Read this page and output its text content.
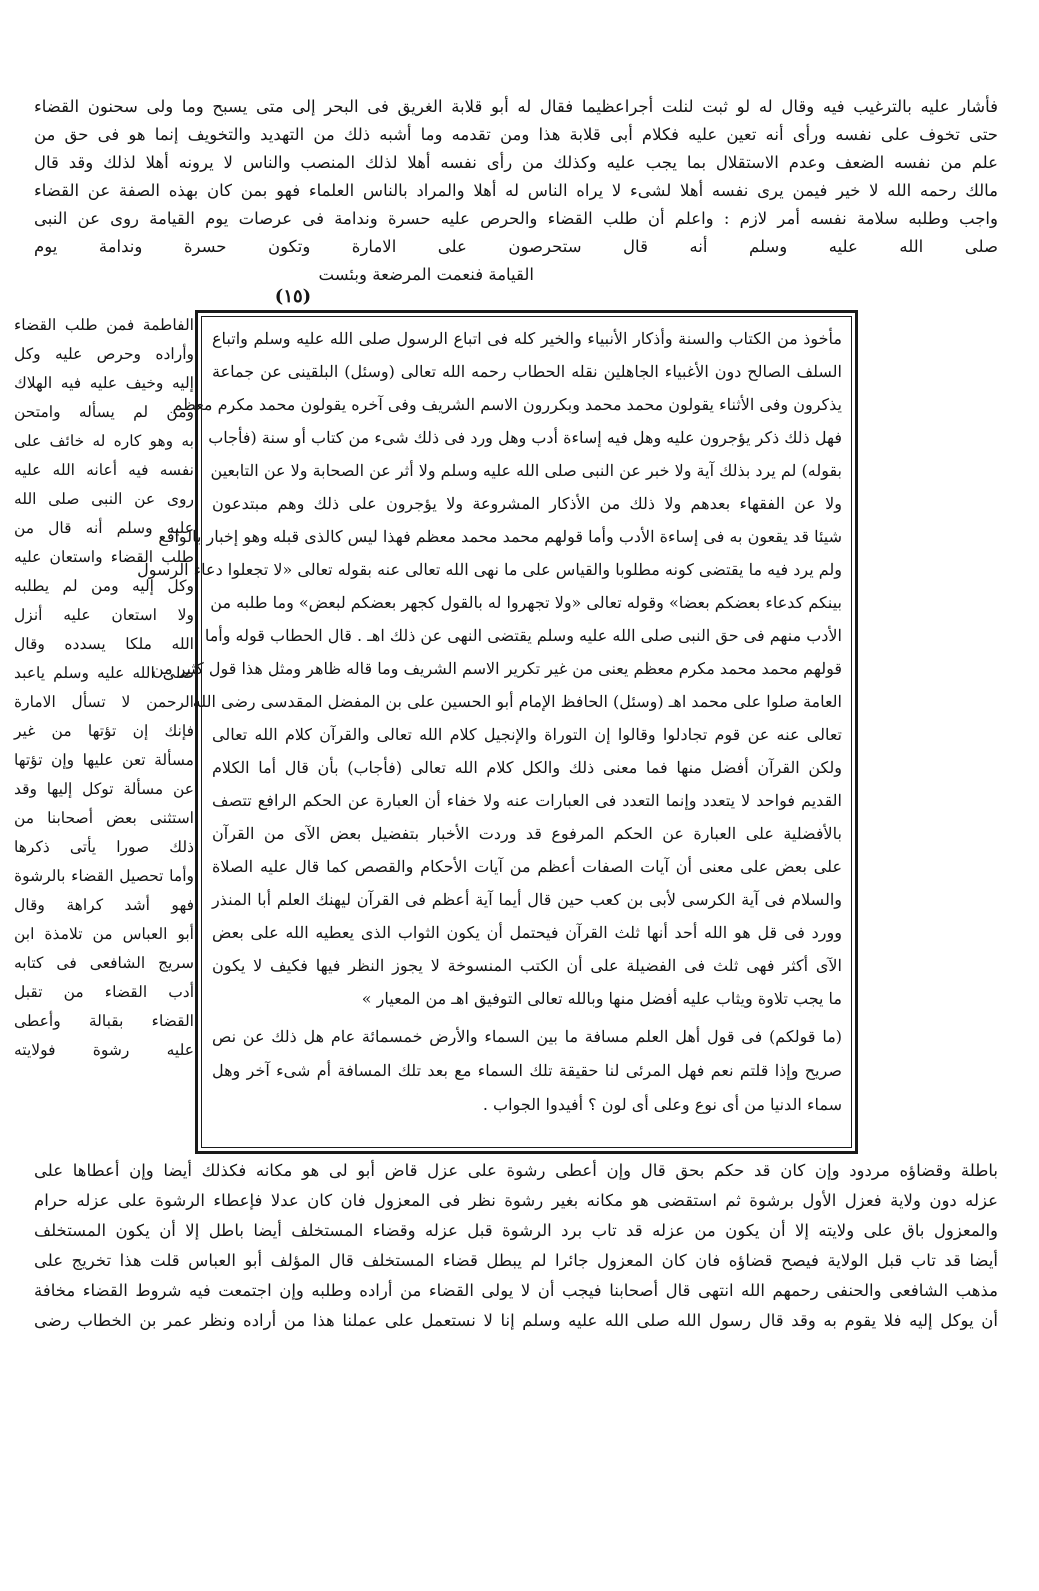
فأشار عليه بالترغيب فيه وقال له لو ثبت لنلت أجراعظيما فقال له أبو قلابة الغريق فى البحر إلى متى يسبح وما ولى سحنون القضاء
حتى تخوف على نفسه ورأى أنه تعين عليه فكلام أبى قلابة هذا ومن تقدمه وما أشبه ذلك من التهديد والتخويف إنما هو فى حق من
علم من نفسه الضعف وعدم الاستقلال بما يجب عليه وكذلك من رأى نفسه أهلا لذلك المنصب والناس لا يرونه أهلا لذلك وقد قال
مالك رحمه الله لا خير فيمن يرى نفسه أهلا لشىء لا يراه الناس له أهلا والمراد بالناس العلماء فهو بمن كان بهذه الصفة عن القضاء
واجب وطلبه سلامة نفسه أمر لازم : واعلم أن طلب القضاء والحرص عليه حسرة وندامة فى عرصات يوم القيامة روى عن النبى
صلى الله عليه وسلم أنه قال ستحرصون على الامارة وتكون حسرة وندامة يوم
القيامة فنعمت المرضعة وبئست
(١٥)
الفاطمة فمن طلب القضاء
وأراده وحرص عليه وكل
إليه وخيف عليه فيه الهلاك
ومن لم يسأله وامتحن
به وهو كاره له خائف على
نفسه فيه أعانه الله عليه
روى عن النبى صلى الله
عليه وسلم أنه قال من
طلب القضاء واستعان عليه
وكل إليه ومن لم يطلبه
ولا استعان عليه أنزل
الله ملكا يسدده وقال
صلى الله عليه وسلم ياعبد
الرحمن لا تسأل الامارة
فإنك إن تؤتها من غير
مسألة تعن عليها وإن تؤتها
عن مسألة توكل إليها وقد
استثنى بعض أصحابنا من
ذلك صورا يأتى ذكرها
وأما تحصيل القضاء بالرشوة
فهو أشد كراهة وقال
أبو العباس من تلامذة ابن
سريج الشافعى فى كتابه
أدب القضاء من تقبل
القضاء بقبالة وأعطى
عليه رشوة فولايته
مأخوذ من الكتاب والسنة وأذكار الأنبياء والخير كله فى اتباع الرسول صلى الله عليه وسلم واتباع
السلف الصالح دون الأغبياء الجاهلين نقله الحطاب رحمه الله تعالى (وسئل) البلقينى عن جماعة
يذكرون وفى الأثناء يقولون محمد محمد وبكررون الاسم الشريف وفى آخره يقولون محمد مكرم معظم
فهل ذلك ذكر يؤجرون عليه وهل فيه إساءة أدب وهل ورد فى ذلك شىء من كتاب أو سنة (فأجاب
بقوله) لم يرد بذلك آية ولا خبر عن النبى صلى الله عليه وسلم ولا أثر عن الصحابة ولا عن التابعين
ولا عن الفقهاء بعدهم ولا ذلك من الأذكار المشروعة ولا يؤجرون على ذلك وهم مبتدعون
شيئا قد يقعون به فى إساءة الأدب وأما قولهم محمد محمد معظم فهذا ليس كالذى قبله وهو إخبار بالواقع
ولم يرد فيه ما يقتضى كونه مطلوبا والقياس على ما نهى الله تعالى عنه بقوله تعالى «لا تجعلوا دعاء الرسول
بينكم كدعاء بعضكم بعضا» وقوله تعالى «ولا تجهروا له بالقول كجهر بعضكم لبعض» وما طلبه من
الأدب منهم فى حق النبى صلى الله عليه وسلم يقتضى النهى عن ذلك اهـ . قال الحطاب قوله وأما
قولهم محمد محمد مكرم معظم يعنى من غير تكرير الاسم الشريف وما قاله ظاهر ومثل هذا قول كثير من
العامة صلوا على محمد اهـ (وسئل) الحافظ الإمام أبو الحسين على بن المفضل المقدسى رضى الله
تعالى عنه عن قوم تجادلوا وقالوا إن التوراة والإنجيل كلام الله تعالى والقرآن كلام الله تعالى
ولكن القرآن أفضل منها فما معنى ذلك والكل كلام الله تعالى (فأجاب) بأن قال أما الكلام
القديم فواحد لا يتعدد وإنما التعدد فى العبارات عنه ولا خفاء أن العبارة عن الحكم الرافع تتصف
بالأفضلية على العبارة عن الحكم المرفوع قد وردت الأخبار بتفضيل بعض الآى من القرآن
على بعض على معنى أن آيات الصفات أعظم من آيات الأحكام والقصص كما قال عليه الصلاة
والسلام فى آية الكرسى لأبى بن كعب حين قال أيما آية أعظم فى القرآن ليهنك العلم أبا المنذر
وورد فى قل هو الله أحد أنها ثلث القرآن فيحتمل أن يكون الثواب الذى يعطيه الله على بعض
الآى أكثر فهى ثلث فى الفضيلة على أن الكتب المنسوخة لا يجوز النظر فيها فكيف لا يكون
ما يجب تلاوة ويثاب عليه أفضل منها وبالله تعالى التوفيق اهـ من المعيار »
(ما قولكم) فى قول أهل العلم مسافة ما بين السماء والأرض خمسمائة عام هل ذلك عن نص
صريح وإذا قلتم نعم فهل المرئى لنا حقيقة تلك السماء مع بعد تلك المسافة أم شىء آخر وهل
سماء الدنيا من أى نوع وعلى أى لون ؟ أفيدوا الجواب .
باطلة وقضاؤه مردود وإن كان قد حكم بحق قال وإن أعطى رشوة على عزل قاض أبو لى هو مكانه فكذلك أيضا وإن أعطاها على
عزله دون ولاية فعزل الأول برشوة ثم استقضى هو مكانه بغير رشوة نظر فى المعزول فان كان عدلا فإعطاء الرشوة على عزله حرام
والمعزول باق على ولايته إلا أن يكون من عزله قد تاب برد الرشوة قبل عزله وقضاء المستخلف أيضا باطل إلا أن يكون المستخلف
أيضا قد تاب قبل الولاية فيصح قضاؤه فان كان المعزول جائرا لم يبطل قضاء المستخلف قال المؤلف أبو العباس قلت هذا تخريج على
مذهب الشافعى والحنفى رحمهم الله انتهى قال أصحابنا فيجب أن لا يولى القضاء من أراده وطلبه وإن اجتمعت فيه شروط القضاء مخافة
أن يوكل إليه فلا يقوم به وقد قال رسول الله صلى الله عليه وسلم إنا لا نستعمل على عملنا هذا من أراده ونظر عمر بن الخطاب رضى
